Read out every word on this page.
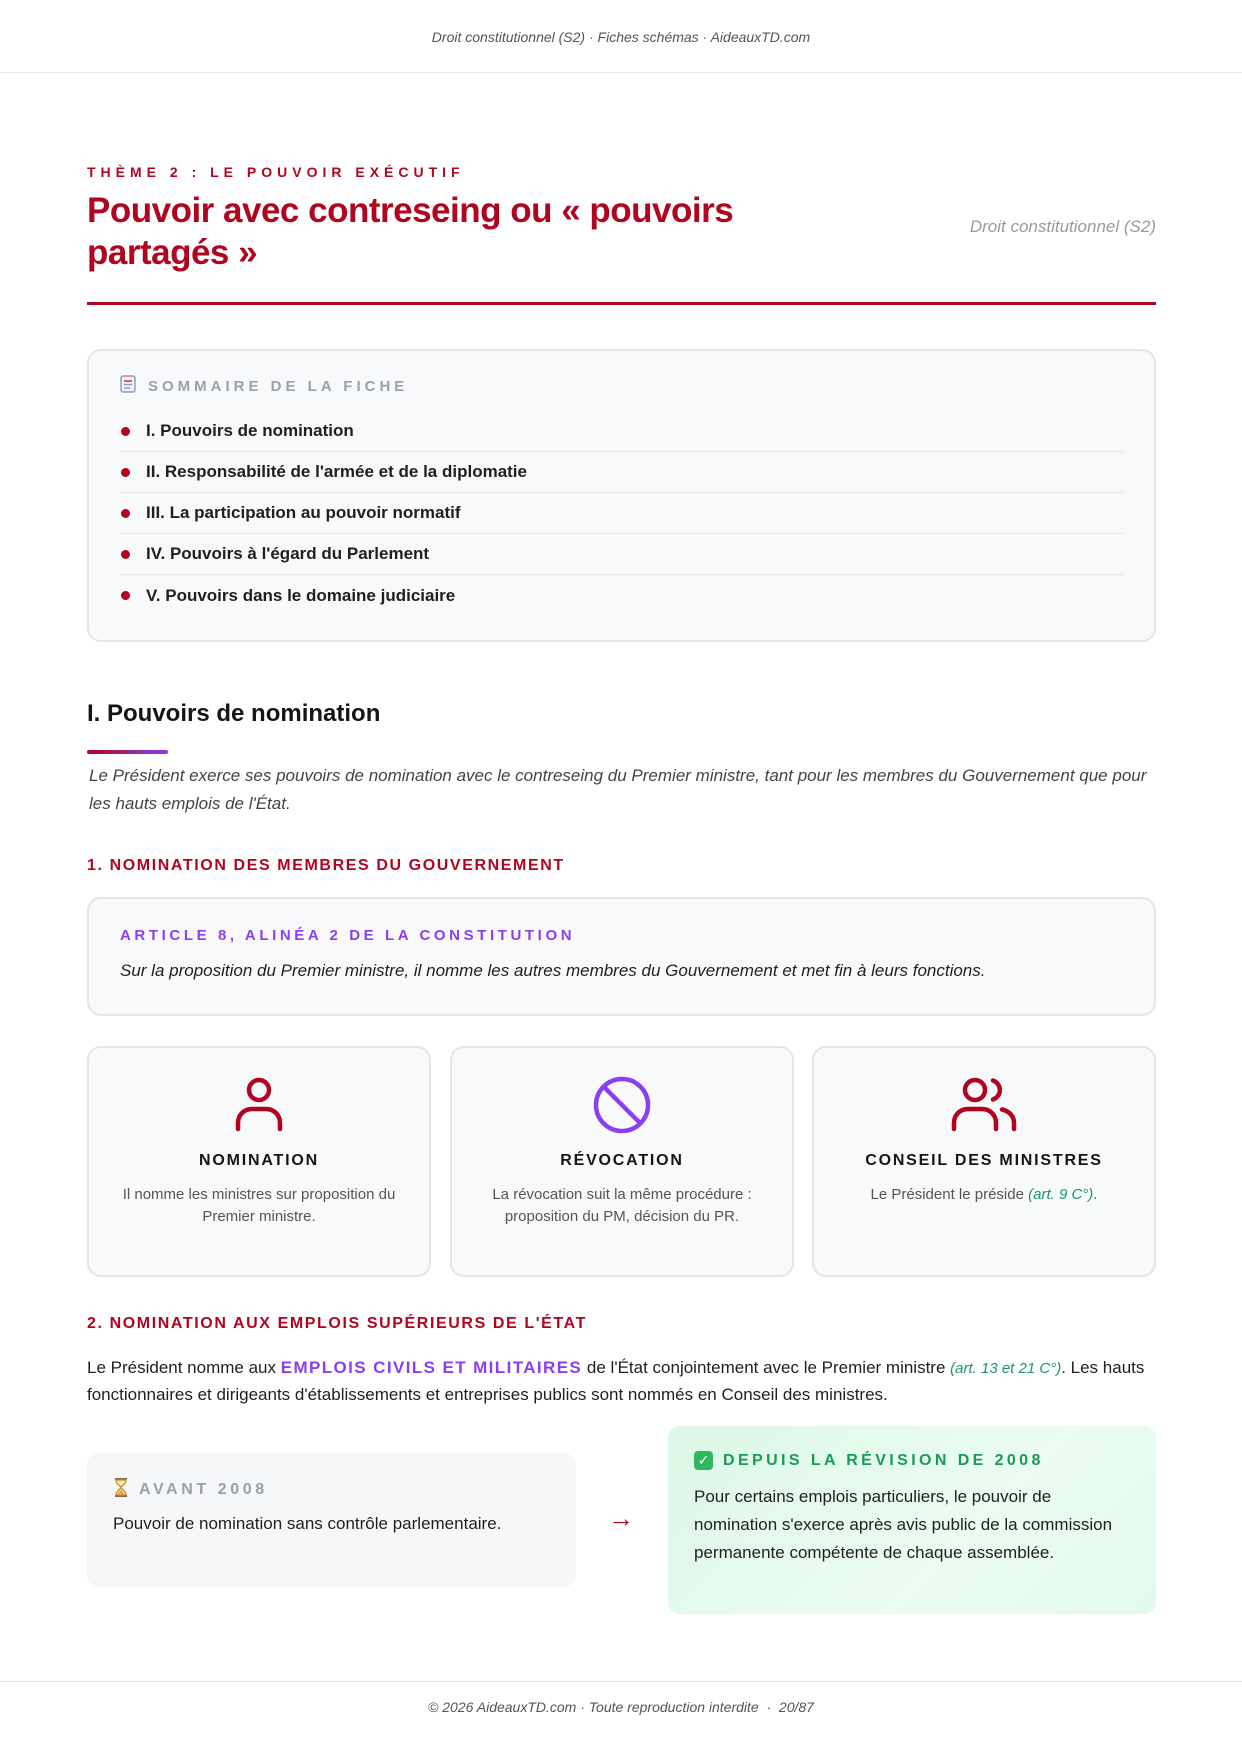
Droit constitutionnel (S2) · Fiches schémas · AideauxTD.com
THÈME 2 : LE POUVOIR EXÉCUTIF
Pouvoir avec contreseing ou « pouvoirs partagés »
Droit constitutionnel (S2)
SOMMAIRE DE LA FICHE
I. Pouvoirs de nomination
II. Responsabilité de l'armée et de la diplomatie
III. La participation au pouvoir normatif
IV. Pouvoirs à l'égard du Parlement
V. Pouvoirs dans le domaine judiciaire
I. Pouvoirs de nomination

Le Président exerce ses pouvoirs de nomination avec le contreseing du Premier ministre, tant pour les membres du Gouvernement que pour les hauts emplois de l'État.

1. NOMINATION DES MEMBRES DU GOUVERNEMENT
ARTICLE 8, ALINÉA 2 DE LA CONSTITUTION
Sur la proposition du Premier ministre, il nomme les autres membres du Gouvernement et met fin à leurs fonctions.
NOMINATION
Il nomme les ministres sur proposition du Premier ministre.
RÉVOCATION
La révocation suit la même procédure : proposition du PM, décision du PR.
CONSEIL DES MINISTRES
Le Président le préside (art. 9 C°).
2. NOMINATION AUX EMPLOIS SUPÉRIEURS DE L'ÉTAT

Le Président nomme aux EMPLOIS CIVILS ET MILITAIRES de l'État conjointement avec le Premier ministre (art. 13 et 21 C°). Les hauts fonctionnaires et dirigeants d'établissements et entreprises publics sont nommés en Conseil des ministres.

AVANT 2008
Pouvoir de nomination sans contrôle parlementaire.	→
✓ DEPUIS LA RÉVISION DE 2008
Pour certains emplois particuliers, le pouvoir de nomination s'exerce après avis public de la commission permanente compétente de chaque assemblée.
© 2026 AideauxTD.com · Toute reproduction interdite  ·  20/87
